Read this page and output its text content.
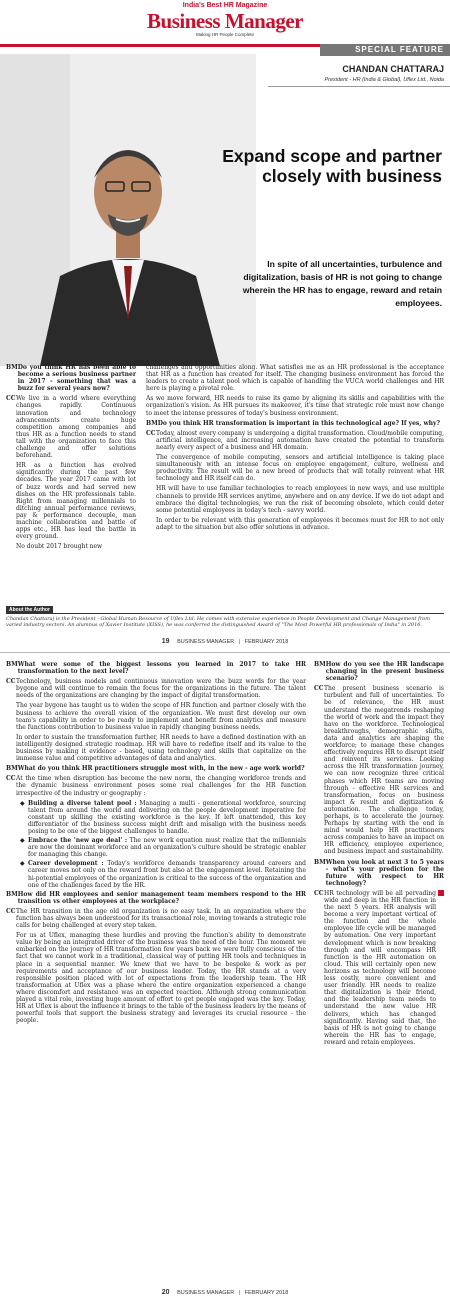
India's Best HR Magazine
Business Manager
Making HR People Complete
SPECIAL FEATURE
CHANDAN CHATTARAJ
President - HR (India & Global), Uflex Ltd., Noida
Expand scope and partner closely with business
In spite of all uncertainties, turbulence and digitalization, basis of HR is not going to change wherein the HR has to engage, reward and retain employees.
BM Do you think HR has been able to become a serious business partner in 2017 - something that was a buzz for several years now?
CC We live in a world where everything changes rapidly. Continuous innovation and technology advancements create huge competition among companies and thus HR as a function needs to stand tall with the organization to face this challenge and offer solutions beforehand.
HR as a function has evolved significantly during the past few decades. The year 2017 came with lot of buzz words and had served new dishes on the HR professionals table. Right from managing millennials to ditching annual performance reviews, pay & performance decouple, man machine collaboration and battle of apps etc., HR has lead the battle in every ground.
No doubt 2017 brought new
challenges and opportunities along. What satisfies me as an HR professional is the acceptance that HR as a function has created for itself. The changing business environment has forced the leaders to create a talent pool which is capable of handling the VUCA world challenges and HR here is playing a pivotal role.
As we move forward, HR needs to raise its game by aligning its skills and capabilities with the organization's vision. As HR pursues its makeover, it's time that strategic role must now change to meet the intense pressures of today's business environment.
BM Do you think HR transformation is important in this technological age? If yes, why?
CC Today, almost every company is undergoing a digital transformation. Cloud/mobile computing, artificial intelligence, and increasing automation have created the potential to transform nearly every aspect of a business and HR domain.
The convergence of mobile computing, sensors and artificial intelligence is taking place simultaneously with an intense focus on employee engagement, culture, wellness and productivity. The result will be a new breed of products that will totally reinvent what HR technology and HR itself can do.
HR will have to use familiar technologies to reach employees in new ways, and use multiple channels to provide HR services anytime, anywhere and on any device. If we do not adapt and embrace the digital technologies, we run the risk of becoming obsolete, which could deter some potential employees in today's tech - savvy world.
In order to be relevant with this generation of employees it becomes must for HR to not only adapt to the situation but also offer solutions in advance.
About the Author
Chandan Chattaraj is the President - Global Human Resource of Uflex Ltd. He comes with extensive experience in People Development and Change Management from varied industry sectors. An alumnus of Xavier Institute (XISS), he was conferred the distinguished Award of "The Most Powerful HR professionals of India" in 2016.
19 BUSINESS MANAGER | FEBRUARY 2018
BM What were some of the biggest lessons you learned in 2017 to take HR transformation to the next level?
CC Technology, business models and continuous innovation were the buzz words for the year bygone and will continue to remain the focus for the organizations in the future. The talent needs of the organizations are changing by the impact of digital transformation.
The year bygone has taught us to widen the scope of HR function and partner closely with the business to achieve the overall vision of the organization. We must first develop our own team's capability in order to be ready to implement and benefit from analytics and measure the functions contribution to business value in rapidly changing business needs.
In order to sustain the transformation further, HR needs to have a defined destination with an intelligently designed strategic roadmap. HR will have to redefine itself and its value to the business by making it evidence - based, using technology and skills that capitalize on the immense value and competitive advantages of data and analytics.
BM What do you think HR practitioners struggle most with, in the new - age work world?
CC At the time when disruption has become the new norm, the changing workforce trends and the dynamic business environment poses some real challenges for the HR function irrespective of the industry or geography :
◆ Building a diverse talent pool : Managing a multi - generational workforce, sourcing talent from around the world and delivering on the people development imperative for constant up skilling the existing workforce is the key. If left unattended, this key differentiator of the business success might drift and misalign with the business needs posing to be one of the biggest challenges to handle.
◆ Embrace the 'new age deal' : The new work equation must realize that the millennials are now the dominant workforce and an organization's culture should be strategic enabler for managing this change.
◆ Career development : Today's workforce demands transparency around careers and career moves not only on the reward front but also at the engagement level. Retaining the hi-potential employees of the organization is critical to the success of the organization and one of the challenges faced by the HR.
BM How did HR employees and senior management team members respond to the HR transition vs other employees at the workplace?
CC The HR transition in the age old organization is no easy task. In an organization where the function has always been understood for its transactional role, moving towards a strategic role calls for being challenged at every step taken.
For us at Uflex, managing these hurdles and proving the function's ability to demonstrate value by being an integrated driver of the business was the need of the hour. The moment we embarked on the journey of HR transformation few years back we were fully conscious of the fact that we cannot work in a traditional, classical way of putting HR tools and techniques in place in a sequential manner. We knew that we have to be bespoke & work as per requirements and acceptance of our business leader. Today, the HR stands at a very responsible position placed with lot of expectations from the leadership team. The HR transformation at Uflex was a phase where the entire organization experienced a change where discomfort and resistance was an expected reaction. Although strong communication played a vital role, investing huge amount of effort to get people engaged was the key. Today, HR at Uflex is about the influence it brings to the table of the business leaders by the means of powerful tools that support the business strategy and leverages its crucial resource - the people.
BM How do you see the HR landscape changing in the present business scenario?
CC The present business scenario is turbulent and full of uncertainties. To be of relevance, the HR must understand the megatrends reshaping the world of work and the impact they have on the workforce. Technological breakthroughs, demographic shifts, data and analytics are shaping the workforce; to manage these changes effectively requires HR to disrupt itself and reinvent its services. Looking across the HR transformation journey, we can now recognize three critical phases which HR teams are moving through - effective HR services and transformation, focus on business impact & result and digitization & automation. The challenge today, perhaps, is to accelerate the journey. Perhaps by starting with the end in mind would help HR practitioners across companies to have an impact on HR efficiency, employee experience, and business impact and sustainability.
BM When you look at next 3 to 5 years - what's your prediction for the future with respect to HR technology?
CC HR technology will be all pervading wide and deep in the HR function in the next 5 years. HR analysis will become a very important vertical of the function and the whole employee life cycle will be managed by automation. One very important development which is now breaking through and will encompass HR function is the HR automation on cloud. This will certainly open new horizons as technology will become less costly, more convenient and user friendly. HR needs to realize that digitalization is their friend, and the leadership team needs to understand the new value HR delivers, which has changed significantly. Having said that, the basis of HR is not going to change wherein the HR has to engage, reward and retain employees.
20 BUSINESS MANAGER | FEBRUARY 2018
